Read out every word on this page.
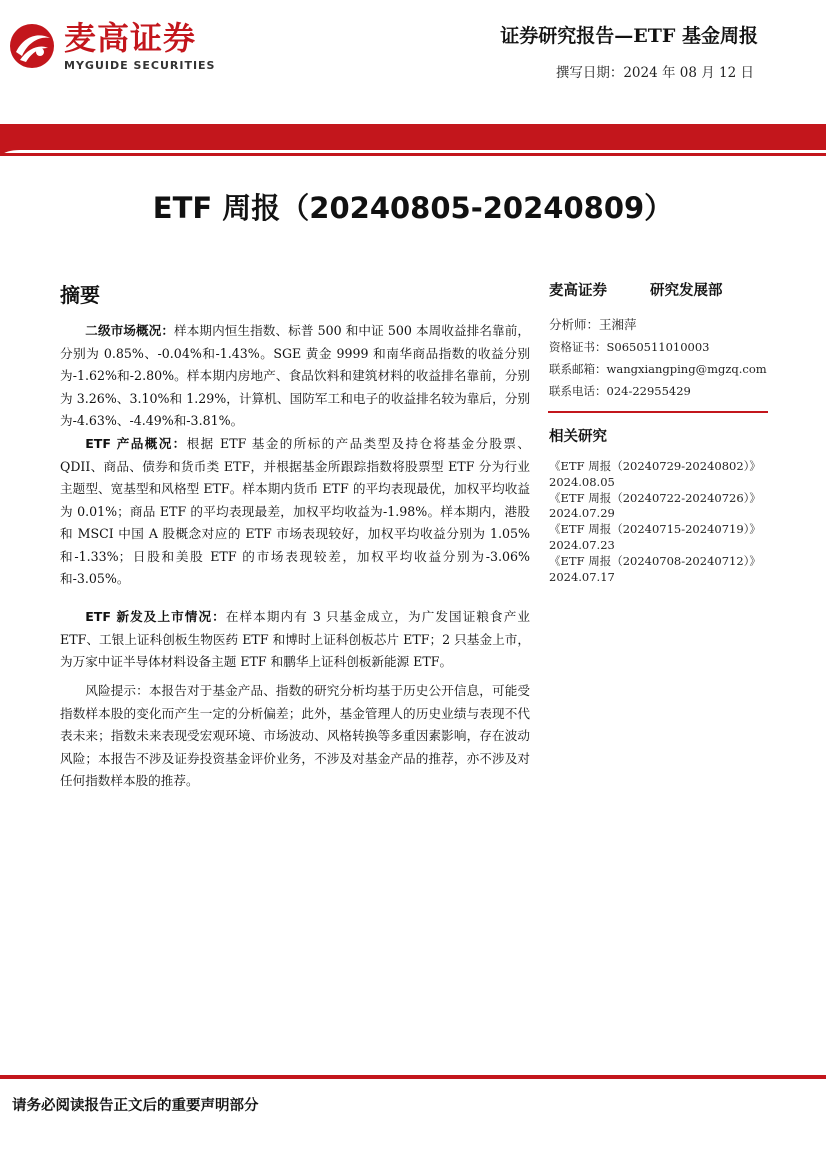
麦高证券
MYGUIDE SECURITIES
证券研究报告—ETF 基金周报
撰写日期：2024 年 08 月 12 日
ETF 周报（20240805-20240809）
摘要

二级市场概况：样本期内恒生指数、标普 500 和中证 500 本周收益排名靠前，分别为 0.85%、-0.04%和-1.43%。SGE 黄金 9999 和南华商品指数的收益分别为-1.62%和-2.80%。样本期内房地产、食品饮料和建筑材料的收益排名靠前，分别为 3.26%、3.10%和 1.29%，计算机、国防军工和电子的收益排名较为靠后，分别为-4.63%、-4.49%和-3.81%。

ETF 产品概况：根据 ETF 基金的所标的产品类型及持仓将基金分股票、QDII、商品、债券和货币类 ETF，并根据基金所跟踪指数将股票型 ETF 分为行业主题型、宽基型和风格型 ETF。样本期内货币 ETF 的平均表现最优，加权平均收益为 0.01%；商品 ETF 的平均表现最差，加权平均收益为-1.98%。样本期内，港股和 MSCI 中国 A 股概念对应的 ETF 市场表现较好，加权平均收益分别为 1.05%和-1.33%；日股和美股 ETF 的市场表现较差，加权平均收益分别为-3.06%和-3.05%。

ETF 新发及上市情况：在样本期内有 3 只基金成立，为广发国证粮食产业 ETF、工银上证科创板生物医药 ETF 和博时上证科创板芯片 ETF；2 只基金上市，为万家中证半导体材料设备主题 ETF 和鹏华上证科创板新能源 ETF。

风险提示：本报告对于基金产品、指数的研究分析均基于历史公开信息，可能受指数样本股的变化而产生一定的分析偏差；此外，基金管理人的历史业绩与表现不代表未来；指数未来表现受宏观环境、市场波动、风格转换等多重因素影响，存在波动风险；本报告不涉及证券投资基金评价业务，不涉及对基金产品的推荐，亦不涉及对任何指数样本股的推荐。

麦高证券	研究发展部
分析师：王湘萍
资格证书：S0650511010003
联系邮箱：wangxiangping@mgzq.com
联系电话：024-22955429
相关研究
《ETF 周报（20240729-20240802）》
2024.08.05
《ETF 周报（20240722-20240726）》
2024.07.29
《ETF 周报（20240715-20240719）》
2024.07.23
《ETF 周报（20240708-20240712）》
2024.07.17
请务必阅读报告正文后的重要声明部分
